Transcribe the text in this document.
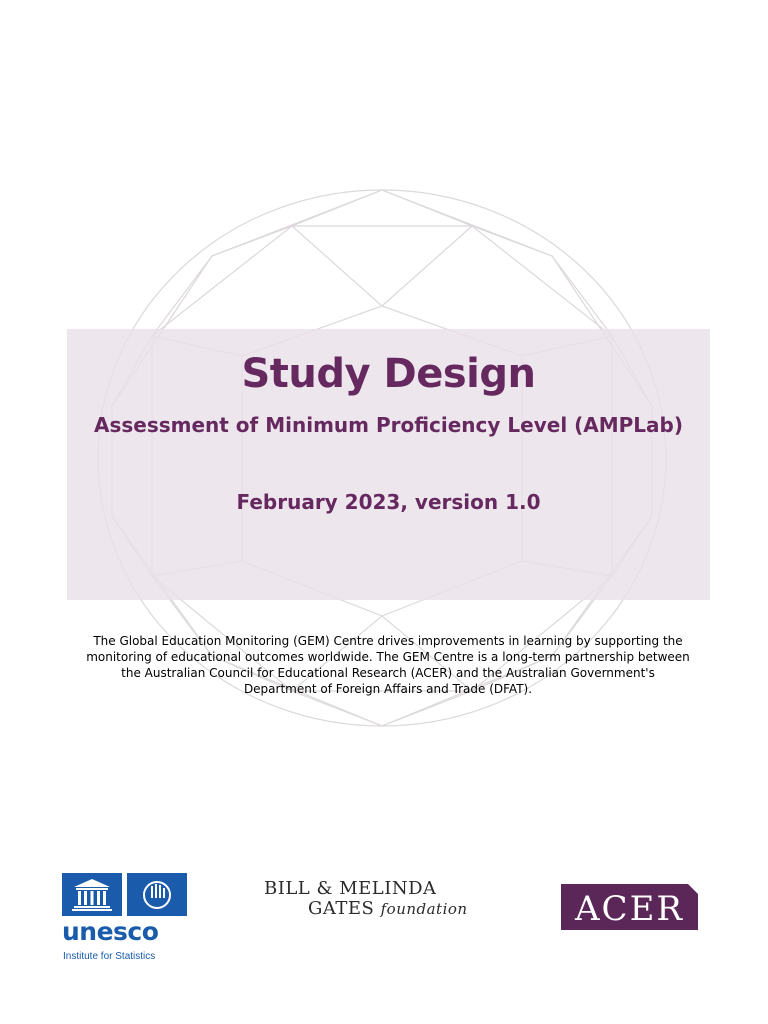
Study Design
Assessment of Minimum Proficiency Level (AMPLab)
February 2023, version 1.0
The Global Education Monitoring (GEM) Centre drives improvements in learning by supporting the monitoring of educational outcomes worldwide. The GEM Centre is a long-term partnership between the Australian Council for Educational Research (ACER) and the Australian Government's Department of Foreign Affairs and Trade (DFAT).
unesco
Institute for Statistics
BILL & MELINDA
GATES foundation	ACER
